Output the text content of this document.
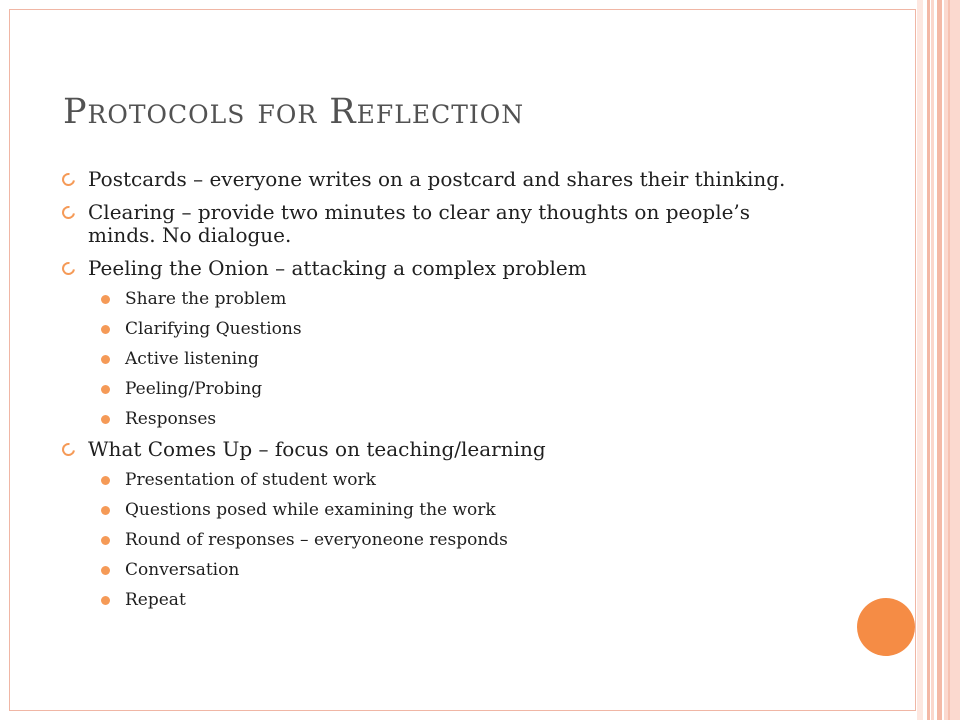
Protocols for Reflection
Postcards – everyone writes on a postcard and shares their thinking.
Clearing – provide two minutes to clear any thoughts on people’s minds. No dialogue.
Peeling the Onion – attacking a complex problem
Share the problem
Clarifying Questions
Active listening
Peeling/Probing
Responses
What Comes Up – focus on teaching/learning
Presentation of student work
Questions posed while examining the work
Round of responses – everyoneone responds
Conversation
Repeat
